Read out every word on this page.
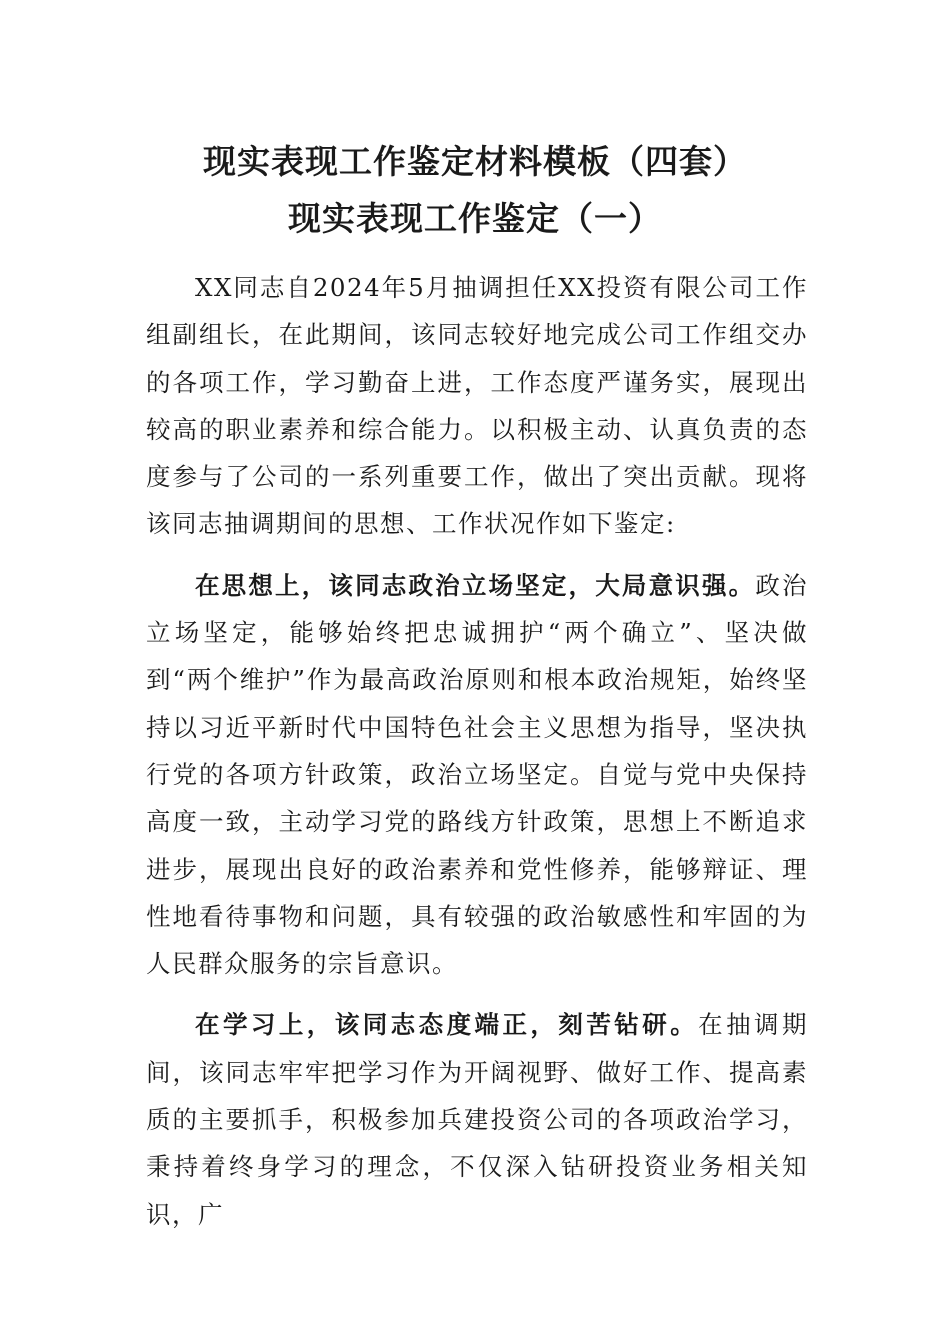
现实表现工作鉴定材料模板（四套）
现实表现工作鉴定（一）

XX同志自2024年5月抽调担任XX投资有限公司工作组副组长，在此期间，该同志较好地完成公司工作组交办的各项工作，学习勤奋上进，工作态度严谨务实，展现出较高的职业素养和综合能力。以积极主动、认真负责的态度参与了公司的一系列重要工作，做出了突出贡献。现将该同志抽调期间的思想、工作状况作如下鉴定:

在思想上，该同志政治立场坚定，大局意识强。政治立场坚定，能够始终把忠诚拥护“两个确立”、坚决做到“两个维护”作为最高政治原则和根本政治规矩，始终坚持以习近平新时代中国特色社会主义思想为指导，坚决执行党的各项方针政策，政治立场坚定。自觉与党中央保持高度一致，主动学习党的路线方针政策，思想上不断追求进步，展现出良好的政治素养和党性修养，能够辩证、理性地看待事物和问题，具有较强的政治敏感性和牢固的为人民群众服务的宗旨意识。

在学习上，该同志态度端正，刻苦钻研。在抽调期间，该同志牢牢把学习作为开阔视野、做好工作、提高素质的主要抓手，积极参加兵建投资公司的各项政治学习，秉持着终身学习的理念，不仅深入钻研投资业务相关知识，广
